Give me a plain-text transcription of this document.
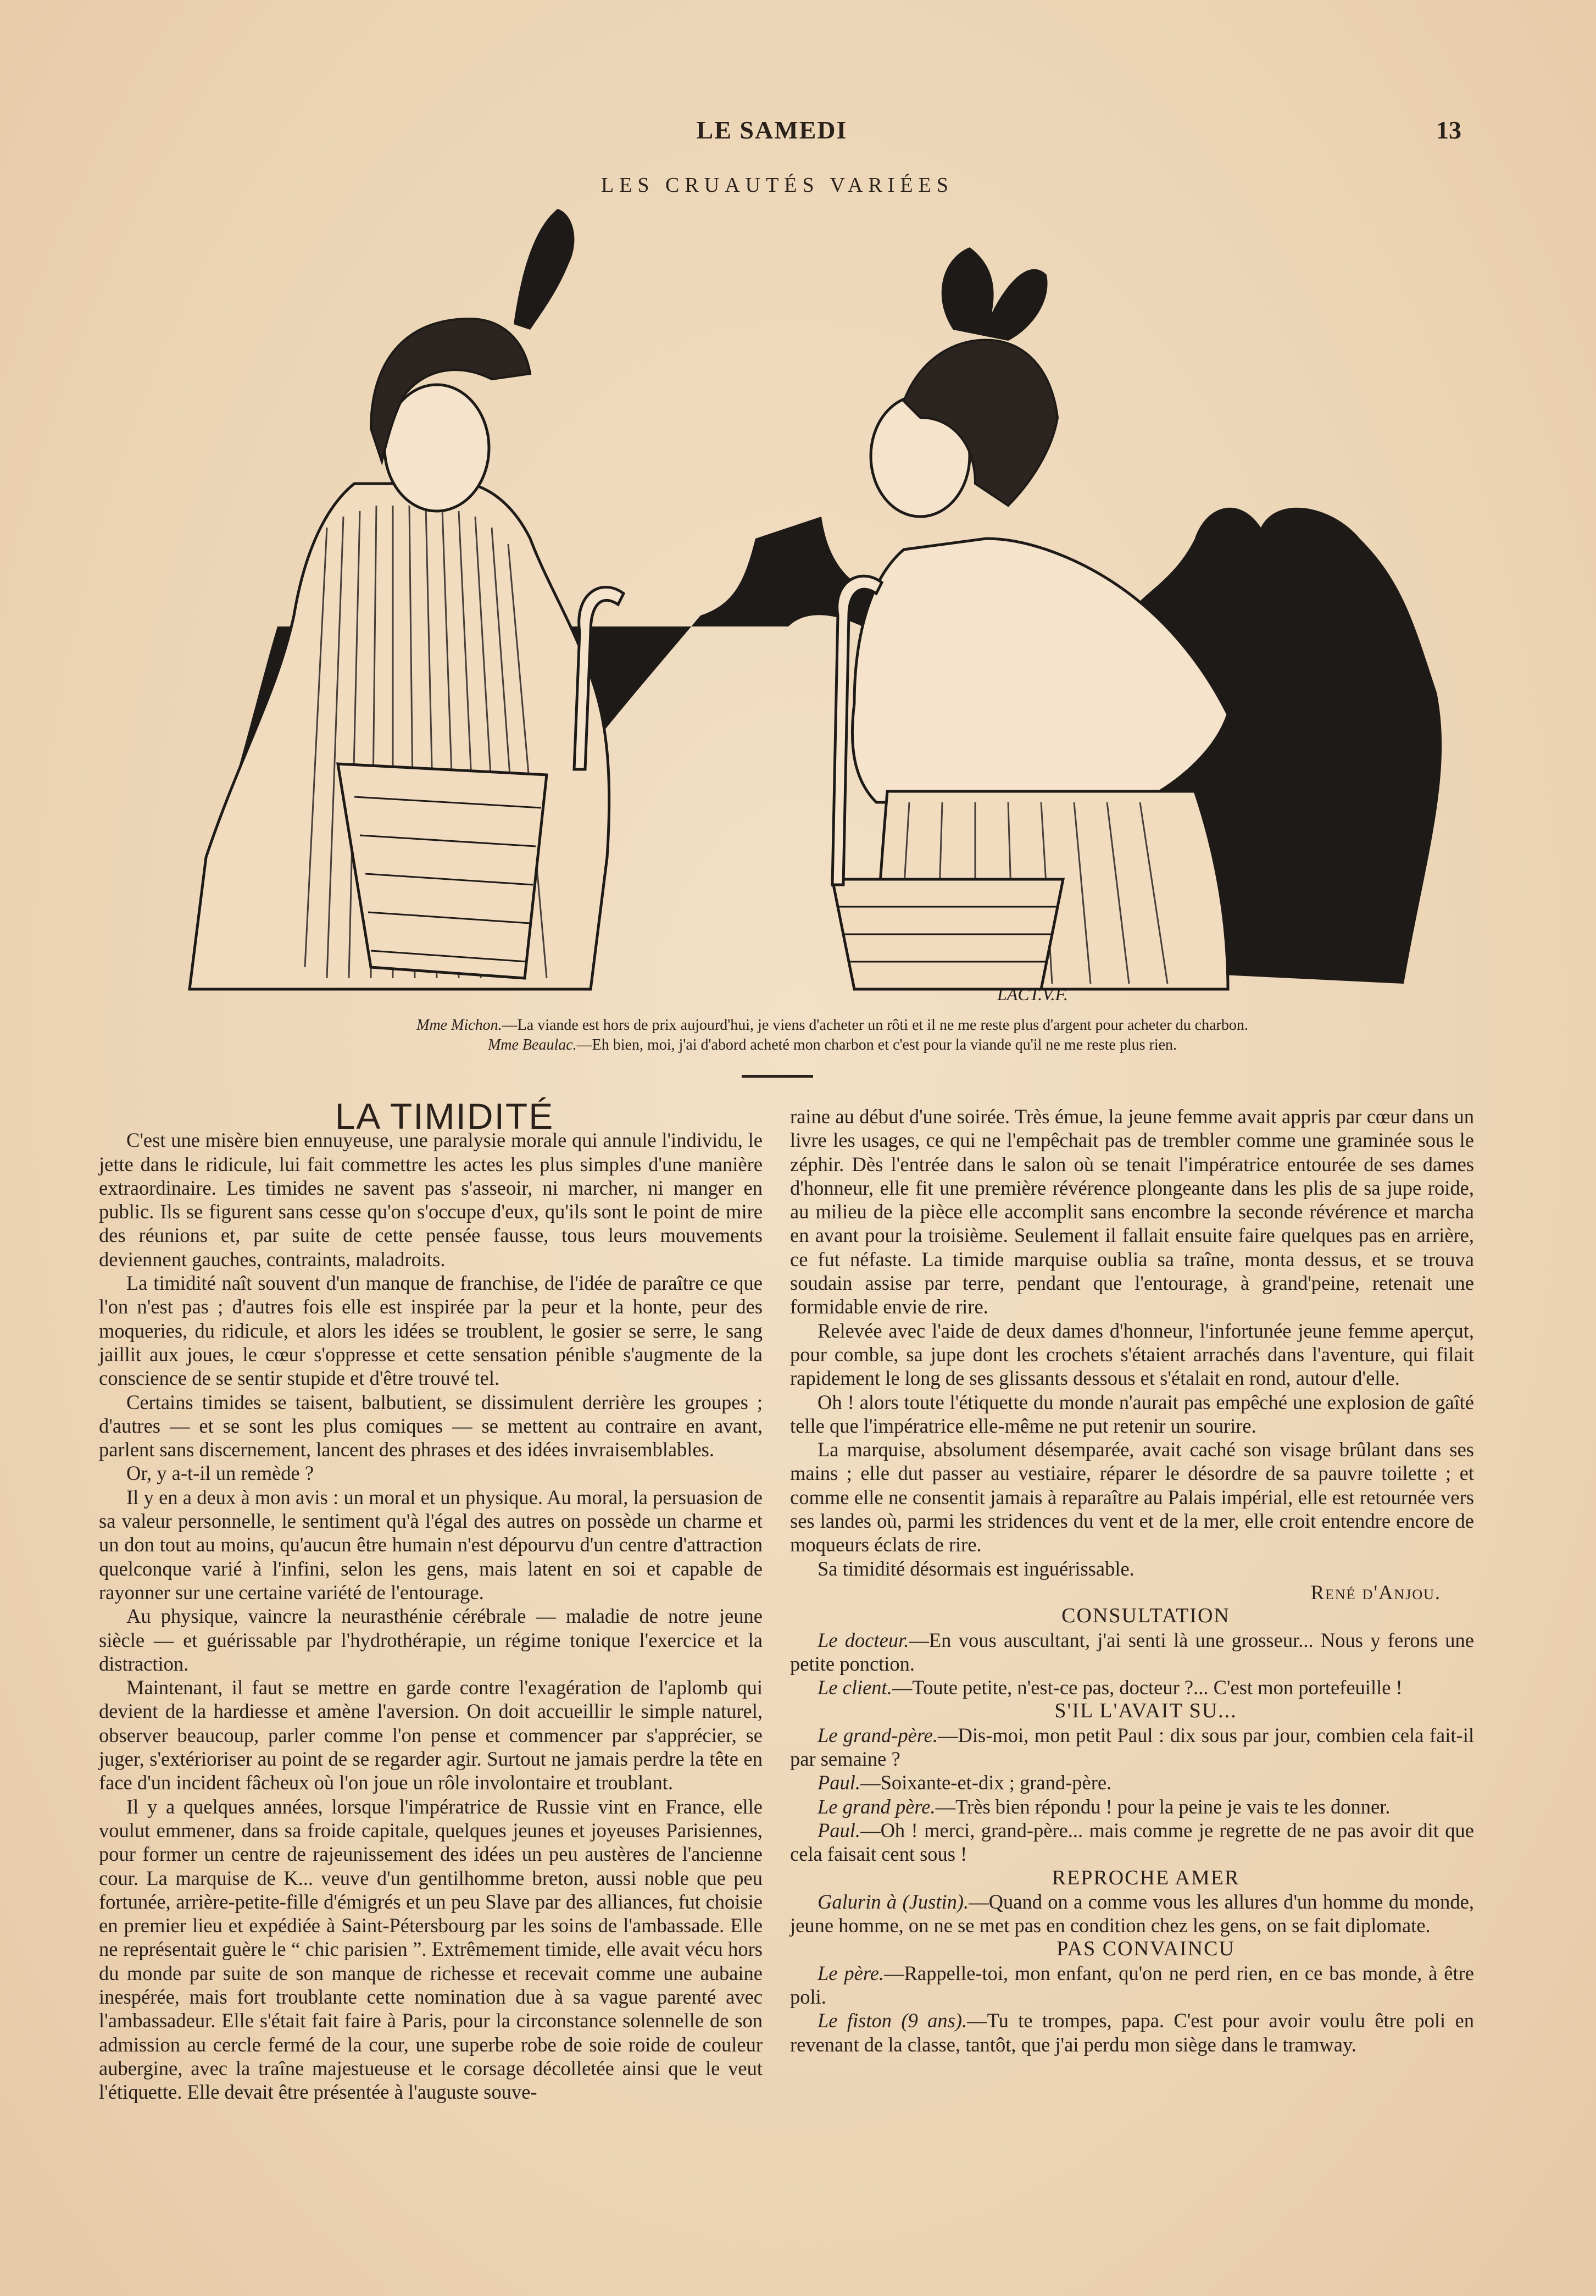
LE SAMEDI	13
LES CRUAUTÉS VARIÉES
LACT.V.F.
Mme Michon.—La viande est hors de prix aujourd'hui, je viens d'acheter un rôti et il ne me reste plus d'argent pour acheter du charbon.
Mme Beaulac.—Eh bien, moi, j'ai d'abord acheté mon charbon et c'est pour la viande qu'il ne me reste plus rien.

LA TIMIDITÉ

C'est une misère bien ennuyeuse, une paralysie morale qui annule l'individu, le jette dans le ridicule, lui fait commettre les actes les plus simples d'une manière extraordinaire. Les timides ne savent pas s'asseoir, ni marcher, ni manger en public. Ils se figurent sans cesse qu'on s'occupe d'eux, qu'ils sont le point de mire des réunions et, par suite de cette pensée fausse, tous leurs mouvements deviennent gauches, contraints, maladroits.

La timidité naît souvent d'un manque de franchise, de l'idée de paraître ce que l'on n'est pas ; d'autres fois elle est inspirée par la peur et la honte, peur des moqueries, du ridicule, et alors les idées se troublent, le gosier se serre, le sang jaillit aux joues, le cœur s'oppresse et cette sensation pénible s'augmente de la conscience de se sentir stupide et d'être trouvé tel.

Certains timides se taisent, balbutient, se dissimulent derrière les groupes ; d'autres — et se sont les plus comiques — se mettent au contraire en avant, parlent sans discernement, lancent des phrases et des idées invraisemblables.

Or, y a-t-il un remède ?

Il y en a deux à mon avis : un moral et un physique. Au moral, la persuasion de sa valeur personnelle, le sentiment qu'à l'égal des autres on possède un charme et un don tout au moins, qu'aucun être humain n'est dépourvu d'un centre d'attraction quelconque varié à l'infini, selon les gens, mais latent en soi et capable de rayonner sur une certaine variété de l'entourage.

Au physique, vaincre la neurasthénie cérébrale — maladie de notre jeune siècle — et guérissable par l'hydrothérapie, un régime tonique l'exercice et la distraction.

Maintenant, il faut se mettre en garde contre l'exagération de l'aplomb qui devient de la hardiesse et amène l'aversion. On doit accueillir le simple naturel, observer beaucoup, parler comme l'on pense et commencer par s'apprécier, se juger, s'extérioriser au point de se regarder agir. Surtout ne jamais perdre la tête en face d'un incident fâcheux où l'on joue un rôle involontaire et troublant.

Il y a quelques années, lorsque l'impératrice de Russie vint en France, elle voulut emmener, dans sa froide capitale, quelques jeunes et joyeuses Parisiennes, pour former un centre de rajeunissement des idées un peu austères de l'ancienne cour. La marquise de K... veuve d'un gentilhomme breton, aussi noble que peu fortunée, arrière-petite-fille d'émigrés et un peu Slave par des alliances, fut choisie en premier lieu et expédiée à Saint-Pétersbourg par les soins de l'ambassade. Elle ne représentait guère le “ chic parisien ”. Extrêmement timide, elle avait vécu hors du monde par suite de son manque de richesse et recevait comme une aubaine inespérée, mais fort troublante cette nomination due à sa vague parenté avec l'ambassadeur. Elle s'était fait faire à Paris, pour la circonstance solennelle de son admission au cercle fermé de la cour, une superbe robe de soie roide de couleur aubergine, avec la traîne majestueuse et le corsage décolletée ainsi que le veut l'étiquette. Elle devait être présentée à l'auguste souve-

raine au début d'une soirée. Très émue, la jeune femme avait appris par cœur dans un livre les usages, ce qui ne l'empêchait pas de trembler comme une graminée sous le zéphir. Dès l'entrée dans le salon où se tenait l'impératrice entourée de ses dames d'honneur, elle fit une première révérence plongeante dans les plis de sa jupe roide, au milieu de la pièce elle accomplit sans encombre la seconde révérence et marcha en avant pour la troisième. Seulement il fallait ensuite faire quelques pas en arrière, ce fut néfaste. La timide marquise oublia sa traîne, monta dessus, et se trouva soudain assise par terre, pendant que l'entourage, à grand'peine, retenait une formidable envie de rire.

Relevée avec l'aide de deux dames d'honneur, l'infortunée jeune femme aperçut, pour comble, sa jupe dont les crochets s'étaient arrachés dans l'aventure, qui filait rapidement le long de ses glissants dessous et s'étalait en rond, autour d'elle.

Oh ! alors toute l'étiquette du monde n'aurait pas empêché une explosion de gaîté telle que l'impératrice elle-même ne put retenir un sourire.

La marquise, absolument désemparée, avait caché son visage brûlant dans ses mains ; elle dut passer au vestiaire, réparer le désordre de sa pauvre toilette ; et comme elle ne consentit jamais à reparaître au Palais impérial, elle est retournée vers ses landes où, parmi les stridences du vent et de la mer, elle croit entendre encore de moqueurs éclats de rire.

Sa timidité désormais est inguérissable.

René d'Anjou.

CONSULTATION

Le docteur.—En vous auscultant, j'ai senti là une grosseur... Nous y ferons une petite ponction.

Le client.—Toute petite, n'est-ce pas, docteur ?... C'est mon portefeuille !

S'IL L'AVAIT SU...

Le grand-père.—Dis-moi, mon petit Paul : dix sous par jour, combien cela fait-il par semaine ?

Paul.—Soixante-et-dix ; grand-père.

Le grand père.—Très bien répondu ! pour la peine je vais te les donner.

Paul.—Oh ! merci, grand-père... mais comme je regrette de ne pas avoir dit que cela faisait cent sous !

REPROCHE AMER

Galurin à (Justin).—Quand on a comme vous les allures d'un homme du monde, jeune homme, on ne se met pas en condition chez les gens, on se fait diplomate.

PAS CONVAINCU

Le père.—Rappelle-toi, mon enfant, qu'on ne perd rien, en ce bas monde, à être poli.

Le fiston (9 ans).—Tu te trompes, papa. C'est pour avoir voulu être poli en revenant de la classe, tantôt, que j'ai perdu mon siège dans le tramway.
